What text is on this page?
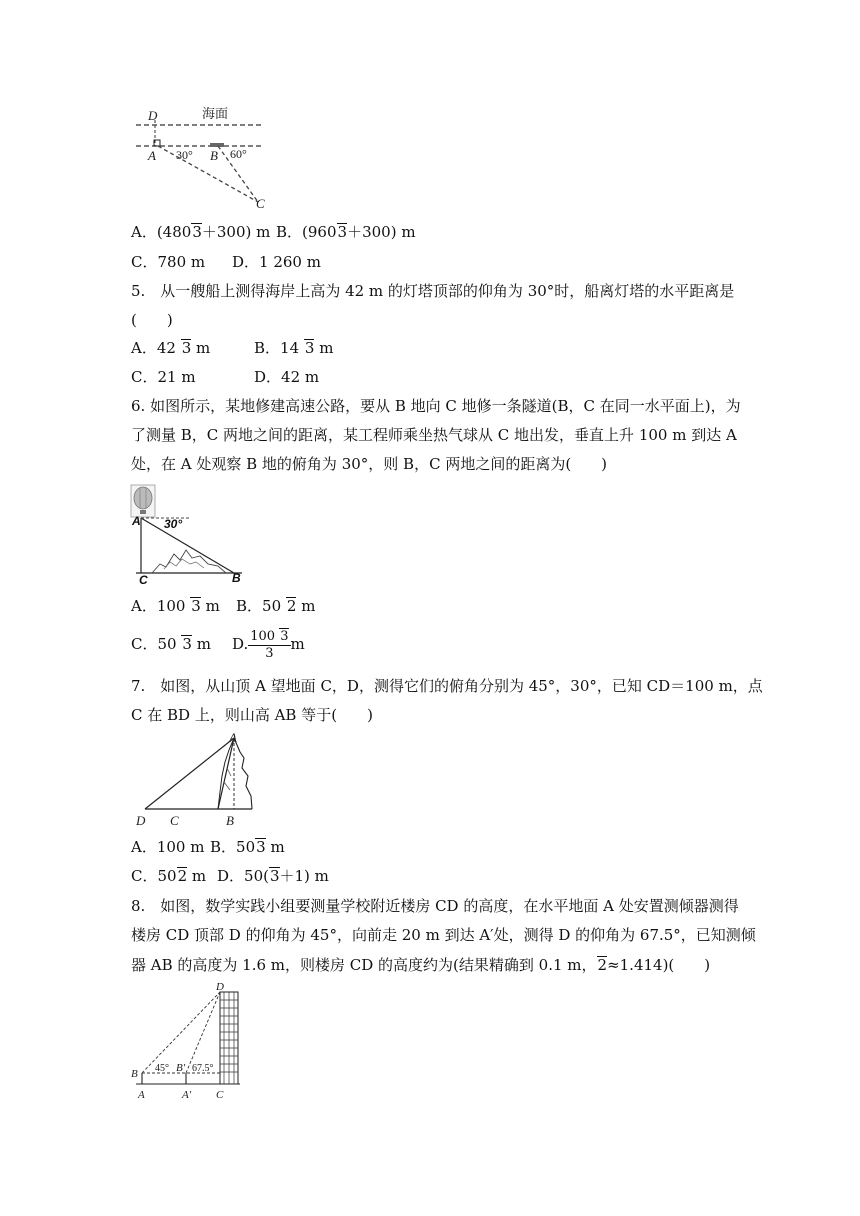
D	海面
A 30° B 60°
C
A．(4803＋300) m B．(9603＋300) m
C．780 m D．1 260 m
5.　从一艘船上测得海岸上高为 42 m 的灯塔顶部的仰角为 30°时，船离灯塔的水平距离是
(　　)
A．42 3 m	B．14 3 m
C．21 m	D．42 m
6. 如图所示，某地修建高速公路，要从 B 地向 C 地修一条隧道(B，C 在同一水平面上)，为
了测量 B，C 两地之间的距离，某工程师乘坐热气球从 C 地出发，垂直上升 100 m 到达 A
处，在 A 处观察 B 地的俯角为 30°，则 B，C 两地之间的距离为(　　)
A 30°
C	B
A．100 3 m B．50 2 m
C．50 3 m D. $\frac{100 3}{3}$ m
7.　如图，从山顶 A 望地面 C，D，测得它们的俯角分别为 45°，30°，已知 CD＝100 m，点
C 在 BD 上，则山高 AB 等于(　　)
A
D C	B
A．100 m B．503 m
C．502 m D．50(3＋1) m
8.　如图，数学实践小组要测量学校附近楼房 CD 的高度，在水平地面 A 处安置测倾器测得
楼房 CD 顶部 D 的仰角为 45°，向前走 20 m 到达 A′处，测得 D 的仰角为 67.5°，已知测倾
器 AB 的高度为 1.6 m，则楼房 CD 的高度约为(结果精确到 0.1 m，2≈1.414)(　　)
D
B 45° B′ 67.5°
A	A′ C
